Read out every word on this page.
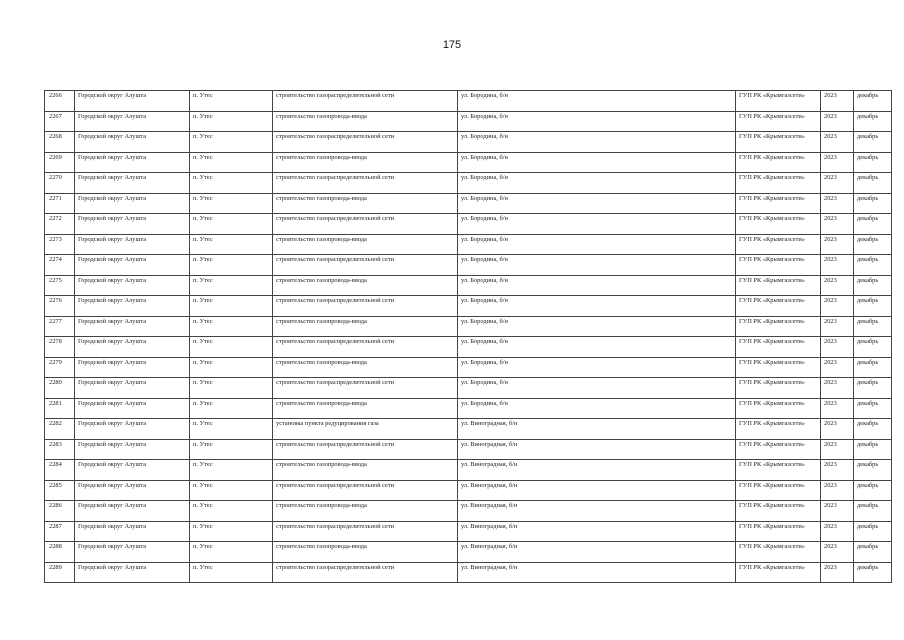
175
2266	Городской округ Алушта	п. Утес	строительство газораспределительной сети	ул. Бородина, б/н	ГУП РК «Крымгазсети»	2023	декабрь
2267	Городской округ Алушта	п. Утес	строительство газопровода-ввода	ул. Бородина, б/н	ГУП РК «Крымгазсети»	2023	декабрь
2268	Городской округ Алушта	п. Утес	строительство газораспределительной сети	ул. Бородина, б/н	ГУП РК «Крымгазсети»	2023	декабрь
2269	Городской округ Алушта	п. Утес	строительство газопровода-ввода	ул. Бородина, б/н	ГУП РК «Крымгазсети»	2023	декабрь
2270	Городской округ Алушта	п. Утес	строительство газораспределительной сети	ул. Бородина, б/н	ГУП РК «Крымгазсети»	2023	декабрь
2271	Городской округ Алушта	п. Утес	строительство газопровода-ввода	ул. Бородина, б/н	ГУП РК «Крымгазсети»	2023	декабрь
2272	Городской округ Алушта	п. Утес	строительство газораспределительной сети	ул. Бородина, б/н	ГУП РК «Крымгазсети»	2023	декабрь
2273	Городской округ Алушта	п. Утес	строительство газопровода-ввода	ул. Бородина, б/н	ГУП РК «Крымгазсети»	2023	декабрь
2274	Городской округ Алушта	п. Утес	строительство газораспределительной сети	ул. Бородина, б/н	ГУП РК «Крымгазсети»	2023	декабрь
2275	Городской округ Алушта	п. Утес	строительство газопровода-ввода	ул. Бородина, б/н	ГУП РК «Крымгазсети»	2023	декабрь
2276	Городской округ Алушта	п. Утес	строительство газораспределительной сети	ул. Бородина, б/н	ГУП РК «Крымгазсети»	2023	декабрь
2277	Городской округ Алушта	п. Утес	строительство газопровода-ввода	ул. Бородина, б/н	ГУП РК «Крымгазсети»	2023	декабрь
2278	Городской округ Алушта	п. Утес	строительство газораспределительной сети	ул. Бородина, б/н	ГУП РК «Крымгазсети»	2023	декабрь
2279	Городской округ Алушта	п. Утес	строительство газопровода-ввода	ул. Бородина, б/н	ГУП РК «Крымгазсети»	2023	декабрь
2280	Городской округ Алушта	п. Утес	строительство газораспределительной сети	ул. Бородина, б/н	ГУП РК «Крымгазсети»	2023	декабрь
2281	Городской округ Алушта	п. Утес	строительство газопровода-ввода	ул. Бородина, б/н	ГУП РК «Крымгазсети»	2023	декабрь
2282	Городской округ Алушта	п. Утес	установка пункта редуцирования газа	ул. Виноградная, б/н	ГУП РК «Крымгазсети»	2023	декабрь
2283	Городской округ Алушта	п. Утес	строительство газораспределительной сети	ул. Виноградная, б/н	ГУП РК «Крымгазсети»	2023	декабрь
2284	Городской округ Алушта	п. Утес	строительство газопровода-ввода	ул. Виноградная, б/н	ГУП РК «Крымгазсети»	2023	декабрь
2285	Городской округ Алушта	п. Утес	строительство газораспределительной сети	ул. Виноградная, б/н	ГУП РК «Крымгазсети»	2023	декабрь
2286	Городской округ Алушта	п. Утес	строительство газопровода-ввода	ул. Виноградная, б/н	ГУП РК «Крымгазсети»	2023	декабрь
2287	Городской округ Алушта	п. Утес	строительство газораспределительной сети	ул. Виноградная, б/н	ГУП РК «Крымгазсети»	2023	декабрь
2288	Городской округ Алушта	п. Утес	строительство газопровода-ввода	ул. Виноградная, б/н	ГУП РК «Крымгазсети»	2023	декабрь
2289	Городской округ Алушта	п. Утес	строительство газораспределительной сети	ул. Виноградная, б/н	ГУП РК «Крымгазсети»	2023	декабрь
